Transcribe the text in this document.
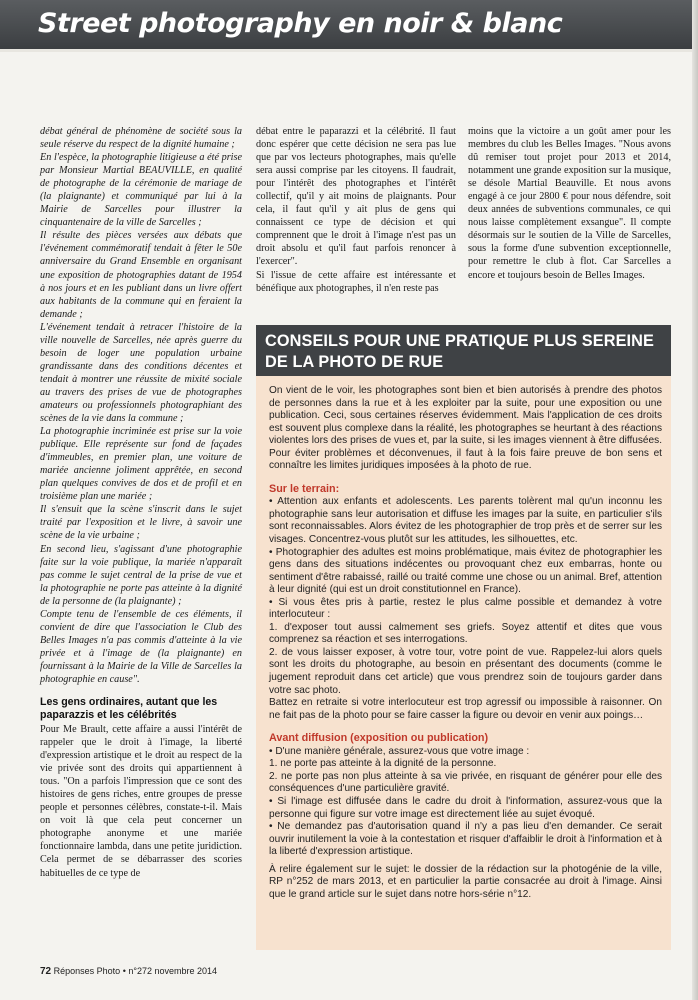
Street photography en noir & blanc

débat général de phénomène de société sous la seule réserve du respect de la dignité humaine ;

En l'espèce, la photographie litigieuse a été prise par Monsieur Martial BEAUVILLE, en qualité de photographe de la cérémonie de mariage de (la plaignante) et communiqué par lui à la Mairie de Sarcelles pour illustrer la cinquantenaire de la ville de Sarcelles ;

Il résulte des pièces versées aux débats que l'événement commémoratif tendait à fêter le 50e anniversaire du Grand Ensemble en organisant une exposition de photographies datant de 1954 à nos jours et en les publiant dans un livre offert aux habitants de la commune qui en feraient la demande ;

L'événement tendait à retracer l'histoire de la ville nouvelle de Sarcelles, née après guerre du besoin de loger une population urbaine grandissante dans des conditions décentes et tendait à montrer une réussite de mixité sociale au travers des prises de vue de photographes amateurs ou professionnels photographiant des scènes de la vie dans la commune ;

La photographie incriminée est prise sur la voie publique. Elle représente sur fond de façades d'immeubles, en premier plan, une voiture de mariée ancienne joliment apprêtée, en second plan quelques convives de dos et de profil et en troisième plan une mariée ;

Il s'ensuit que la scène s'inscrit dans le sujet traité par l'exposition et le livre, à savoir une scène de la vie urbaine ;

En second lieu, s'agissant d'une photographie faite sur la voie publique, la mariée n'apparaît pas comme le sujet central de la prise de vue et la photographie ne porte pas atteinte à la dignité de la personne de (la plaignante) ;

Compte tenu de l'ensemble de ces éléments, il convient de dire que l'association le Club des Belles Images n'a pas commis d'atteinte à la vie privée et à l'image de (la plaignante) en fournissant à la Mairie de la Ville de Sarcelles la photographie en cause".

Les gens ordinaires, autant que les paparazzis et les célébrités

Pour Me Brault, cette affaire a aussi l'intérêt de rappeler que le droit à l'image, la liberté d'expression artistique et le droit au respect de la vie privée sont des droits qui appartiennent à tous. "On a parfois l'impression que ce sont des histoires de gens riches, entre groupes de presse people et personnes célèbres, constate-t-il. Mais on voit là que cela peut concerner un photographe anonyme et une mariée fonctionnaire lambda, dans une petite juridiction. Cela permet de se débarrasser des scories habituelles de ce type de

débat entre le paparazzi et la célébrité. Il faut donc espérer que cette décision ne sera pas lue que par vos lecteurs photographes, mais qu'elle sera aussi comprise par les citoyens. Il faudrait, pour l'intérêt des photographes et l'intérêt collectif, qu'il y ait moins de plaignants. Pour cela, il faut qu'il y ait plus de gens qui connaissent ce type de décision et qui comprennent que le droit à l'image n'est pas un droit absolu et qu'il faut parfois renoncer à l'exercer".

Si l'issue de cette affaire est intéressante et bénéfique aux photographes, il n'en reste pas

moins que la victoire a un goût amer pour les membres du club les Belles Images. "Nous avons dû remiser tout projet pour 2013 et 2014, notamment une grande exposition sur la musique, se désole Martial Beauville. Et nous avons engagé à ce jour 2800 € pour nous défendre, soit deux années de subventions communales, ce qui nous laisse complètement exsangue". Il compte désormais sur le soutien de la Ville de Sarcelles, sous la forme d'une subvention exceptionnelle, pour remettre le club à flot. Car Sarcelles a encore et toujours besoin de Belles Images.

CONSEILS POUR UNE PRATIQUE PLUS SEREINE DE LA PHOTO DE RUE

On vient de le voir, les photographes sont bien et bien autorisés à prendre des photos de personnes dans la rue et à les exploiter par la suite, pour une exposition ou une publication. Ceci, sous certaines réserves évidemment. Mais l'application de ces droits est souvent plus complexe dans la réalité, les photographes se heurtant à des réactions violentes lors des prises de vues et, par la suite, si les images viennent à être diffusées. Pour éviter problèmes et déconvenues, il faut à la fois faire preuve de bon sens et connaître les limites juridiques imposées à la photo de rue.

Sur le terrain:

• Attention aux enfants et adolescents. Les parents tolèrent mal qu'un inconnu les photographie sans leur autorisation et diffuse les images par la suite, en particulier s'ils sont reconnaissables. Alors évitez de les photographier de trop près et de serrer sur les visages. Concentrez-vous plutôt sur les attitudes, les silhouettes, etc.

• Photographier des adultes est moins problématique, mais évitez de photographier les gens dans des situations indécentes ou provoquant chez eux embarras, honte ou sentiment d'être rabaissé, raillé ou traité comme une chose ou un animal. Bref, attention à leur dignité (qui est un droit constitutionnel en France).

• Si vous êtes pris à partie, restez le plus calme possible et demandez à votre interlocuteur :

1. d'exposer tout aussi calmement ses griefs. Soyez attentif et dites que vous comprenez sa réaction et ses interrogations.

2. de vous laisser exposer, à votre tour, votre point de vue. Rappelez-lui alors quels sont les droits du photographe, au besoin en présentant des documents (comme le jugement reproduit dans cet article) que vous prendrez soin de toujours garder dans votre sac photo.

Battez en retraite si votre interlocuteur est trop agressif ou impossible à raisonner. On ne fait pas de la photo pour se faire casser la figure ou devoir en venir aux poings…

Avant diffusion (exposition ou publication)

• D'une manière générale, assurez-vous que votre image :

1. ne porte pas atteinte à la dignité de la personne.

2. ne porte pas non plus atteinte à sa vie privée, en risquant de générer pour elle des conséquences d'une particulière gravité.

• Si l'image est diffusée dans le cadre du droit à l'information, assurez-vous que la personne qui figure sur votre image est directement liée au sujet évoqué.

• Ne demandez pas d'autorisation quand il n'y a pas lieu d'en demander. Ce serait ouvrir inutilement la voie à la contestation et risquer d'affaiblir le droit à l'information et à la liberté d'expression artistique.

À relire également sur le sujet: le dossier de la rédaction sur la photogénie de la ville, RP n°252 de mars 2013, et en particulier la partie consacrée au droit à l'image. Ainsi que le grand article sur le sujet dans notre hors-série n°12.

72 Réponses Photo • n°272 novembre 2014
